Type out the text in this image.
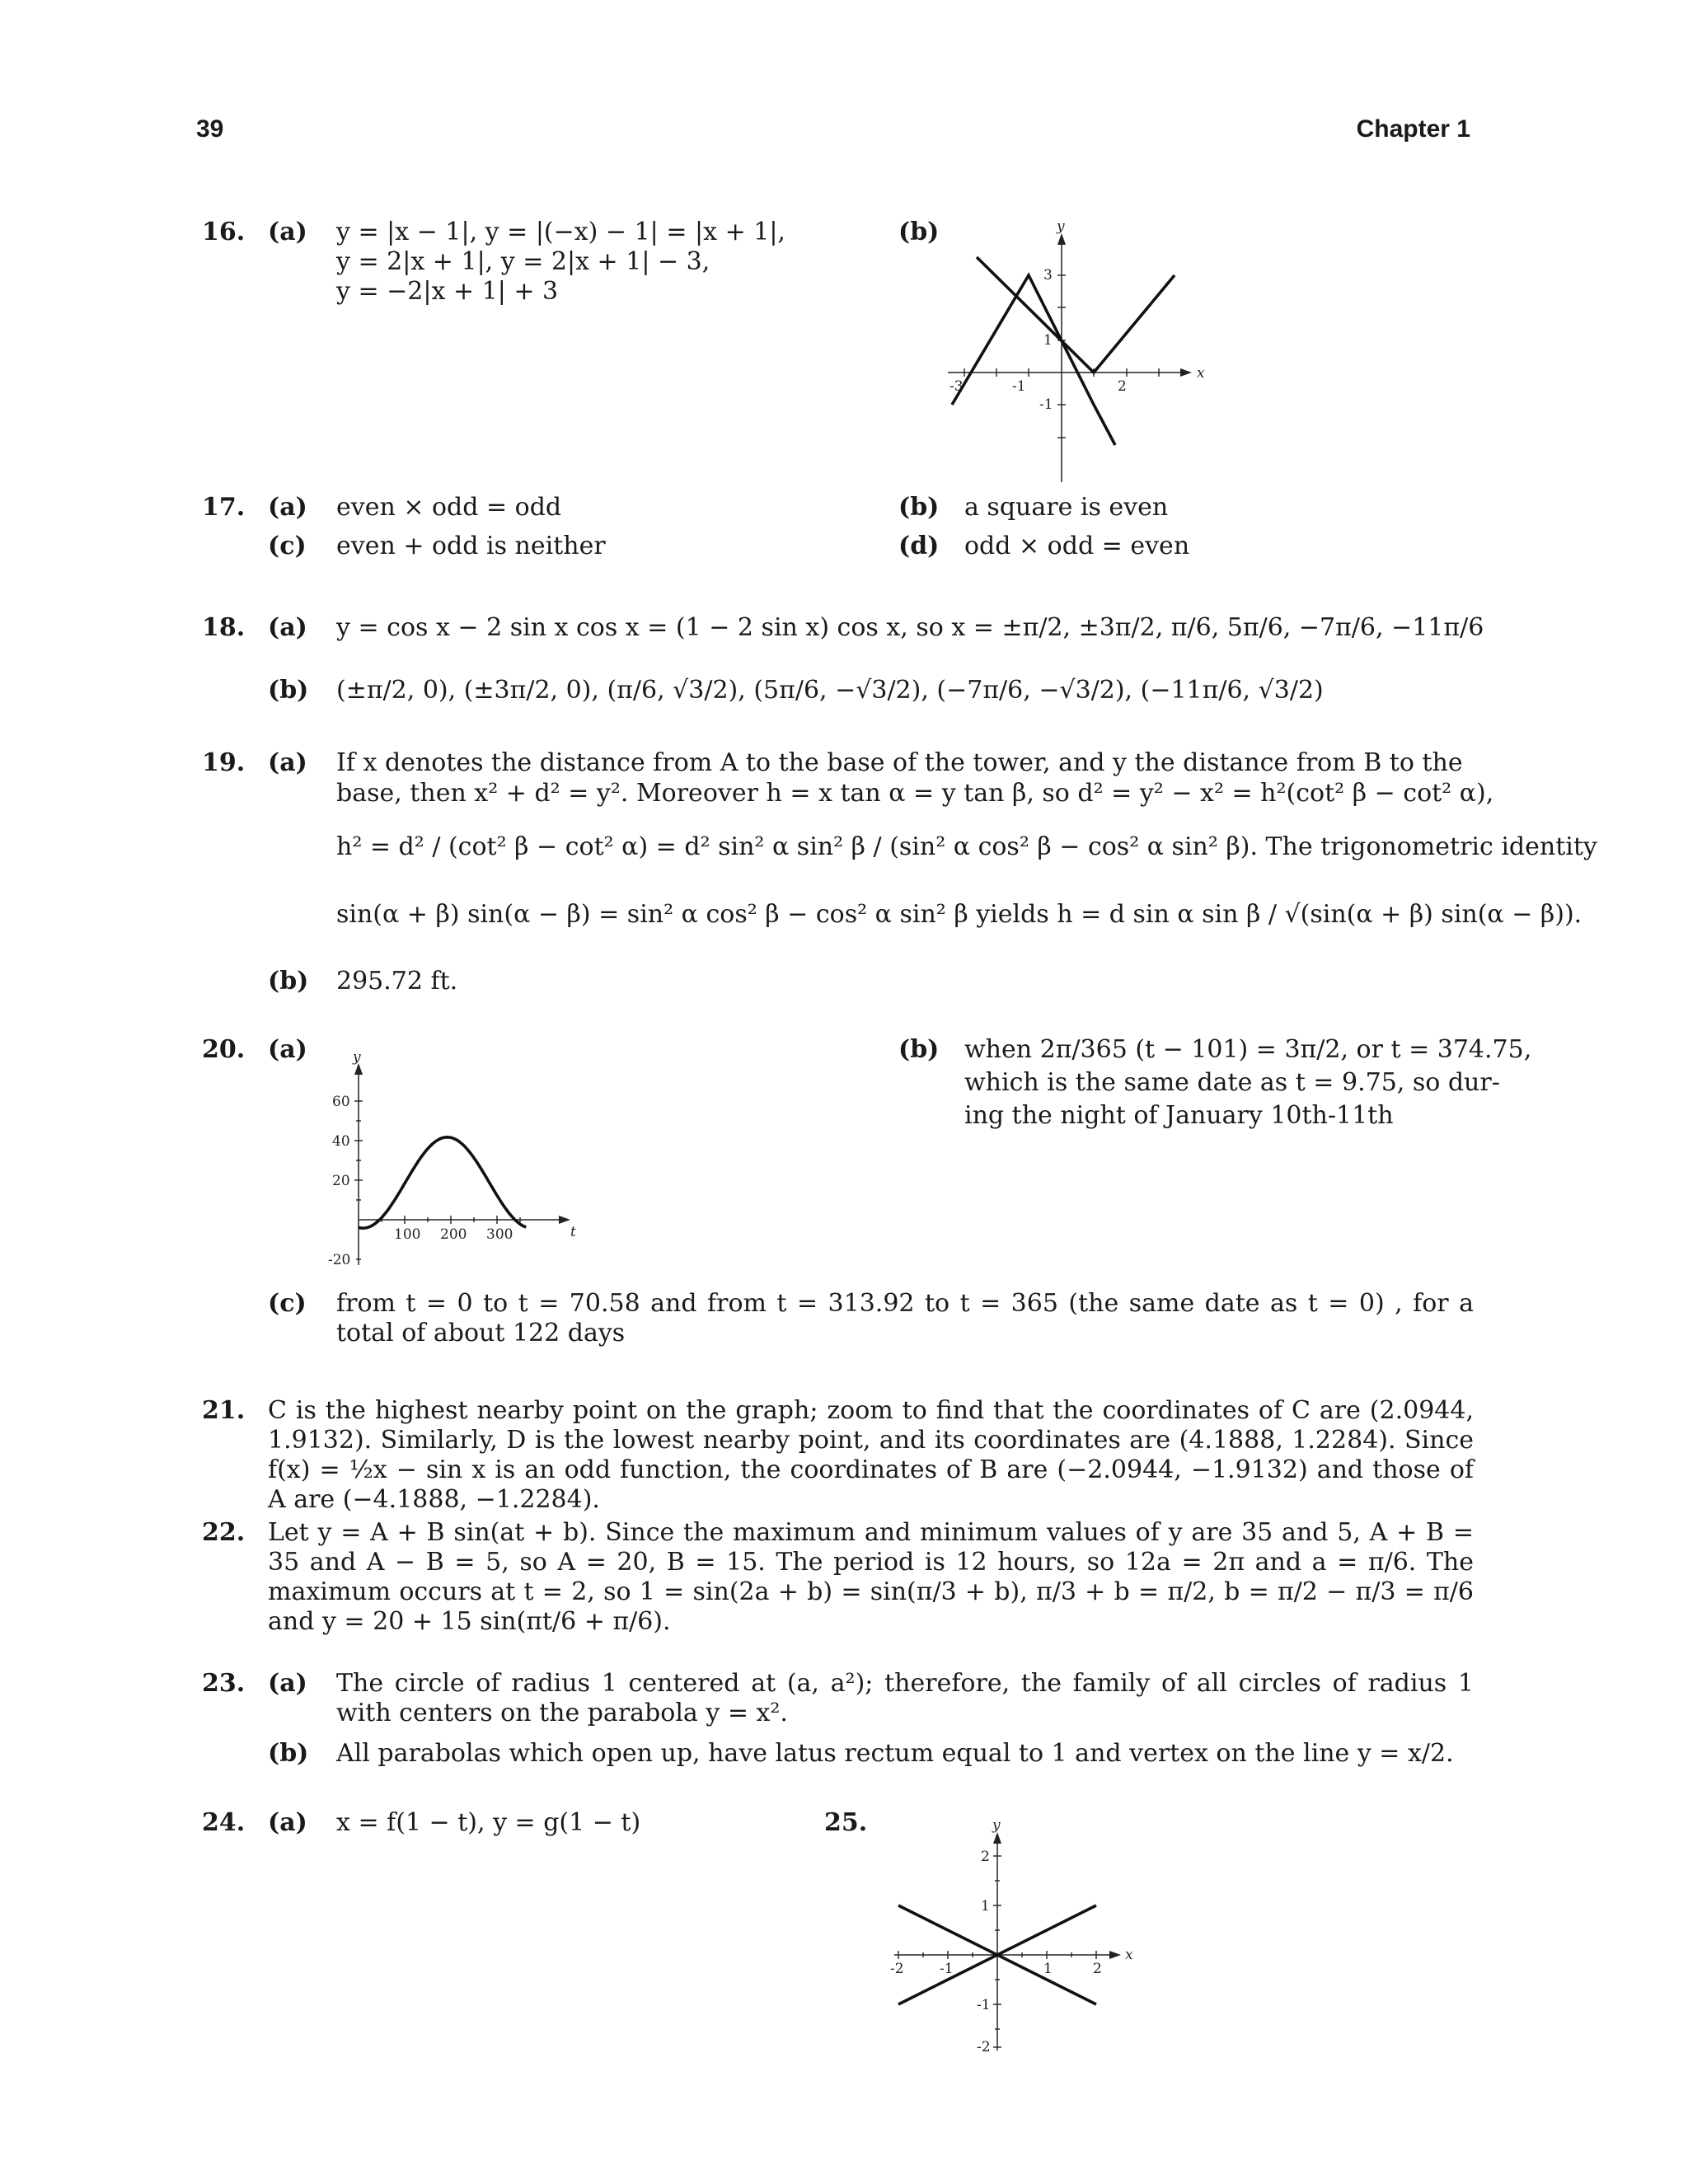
39	Chapter 1
16. (a) y = |x − 1|, y = |(−x) − 1| = |x + 1|,
y = 2|x + 1|, y = 2|x + 1| − 3,
y = −2|x + 1| + 3
(b)
x
y
-3	-1	2
3
1
-1
17. (a) even × odd = odd	(b) a square is even
(c) even + odd is neither	(d) odd × odd = even
18. (a) y = cos x − 2 sin x cos x = (1 − 2 sin x) cos x, so x = ±π/2, ±3π/2, π/6, 5π/6, −7π/6, −11π/6
(b) (±π/2, 0), (±3π/2, 0), (π/6, √3/2), (5π/6, −√3/2), (−7π/6, −√3/2), (−11π/6, √3/2)
19. (a) If x denotes the distance from A to the base of the tower, and y the distance from B to the
base, then x² + d² = y². Moreover h = x tan α = y tan β, so d² = y² − x² = h²(cot² β − cot² α),
h² = d² / (cot² β − cot² α) = d² sin² α sin² β / (sin² α cos² β − cos² α sin² β). The trigonometric identity
sin(α + β) sin(α − β) = sin² α cos² β − cos² α sin² β yields h = d sin α sin β / √(sin(α + β) sin(α − β)).
(b) 295.72 ft.
20. (a)
t
y
100 200 300
60
40
20
-20
(b) when 2π/365 (t − 101) = 3π/2, or t = 374.75,
which is the same date as t = 9.75, so dur-
ing the night of January 10th-11th
(c) from t = 0 to t = 70.58 and from t = 313.92 to t = 365 (the same date as t = 0) , for a total of about 122 days
21. C is the highest nearby point on the graph; zoom to find that the coordinates of C are (2.0944, 1.9132). Similarly, D is the lowest nearby point, and its coordinates are (4.1888, 1.2284). Since f(x) = ½x − sin x is an odd function, the coordinates of B are (−2.0944, −1.9132) and those of A are (−4.1888, −1.2284).
22. Let y = A + B sin(at + b). Since the maximum and minimum values of y are 35 and 5, A + B = 35 and A − B = 5, so A = 20, B = 15. The period is 12 hours, so 12a = 2π and a = π/6. The maximum occurs at t = 2, so 1 = sin(2a + b) = sin(π/3 + b), π/3 + b = π/2, b = π/2 − π/3 = π/6 and y = 20 + 15 sin(πt/6 + π/6).
23. (a) The circle of radius 1 centered at (a, a²); therefore, the family of all circles of radius 1 with centers on the parabola y = x².
(b) All parabolas which open up, have latus rectum equal to 1 and vertex on the line y = x/2.
24. (a) x = f(1 − t), y = g(1 − t)	25.
x
y
-2	-1	1	2
2
1
-1
-2
